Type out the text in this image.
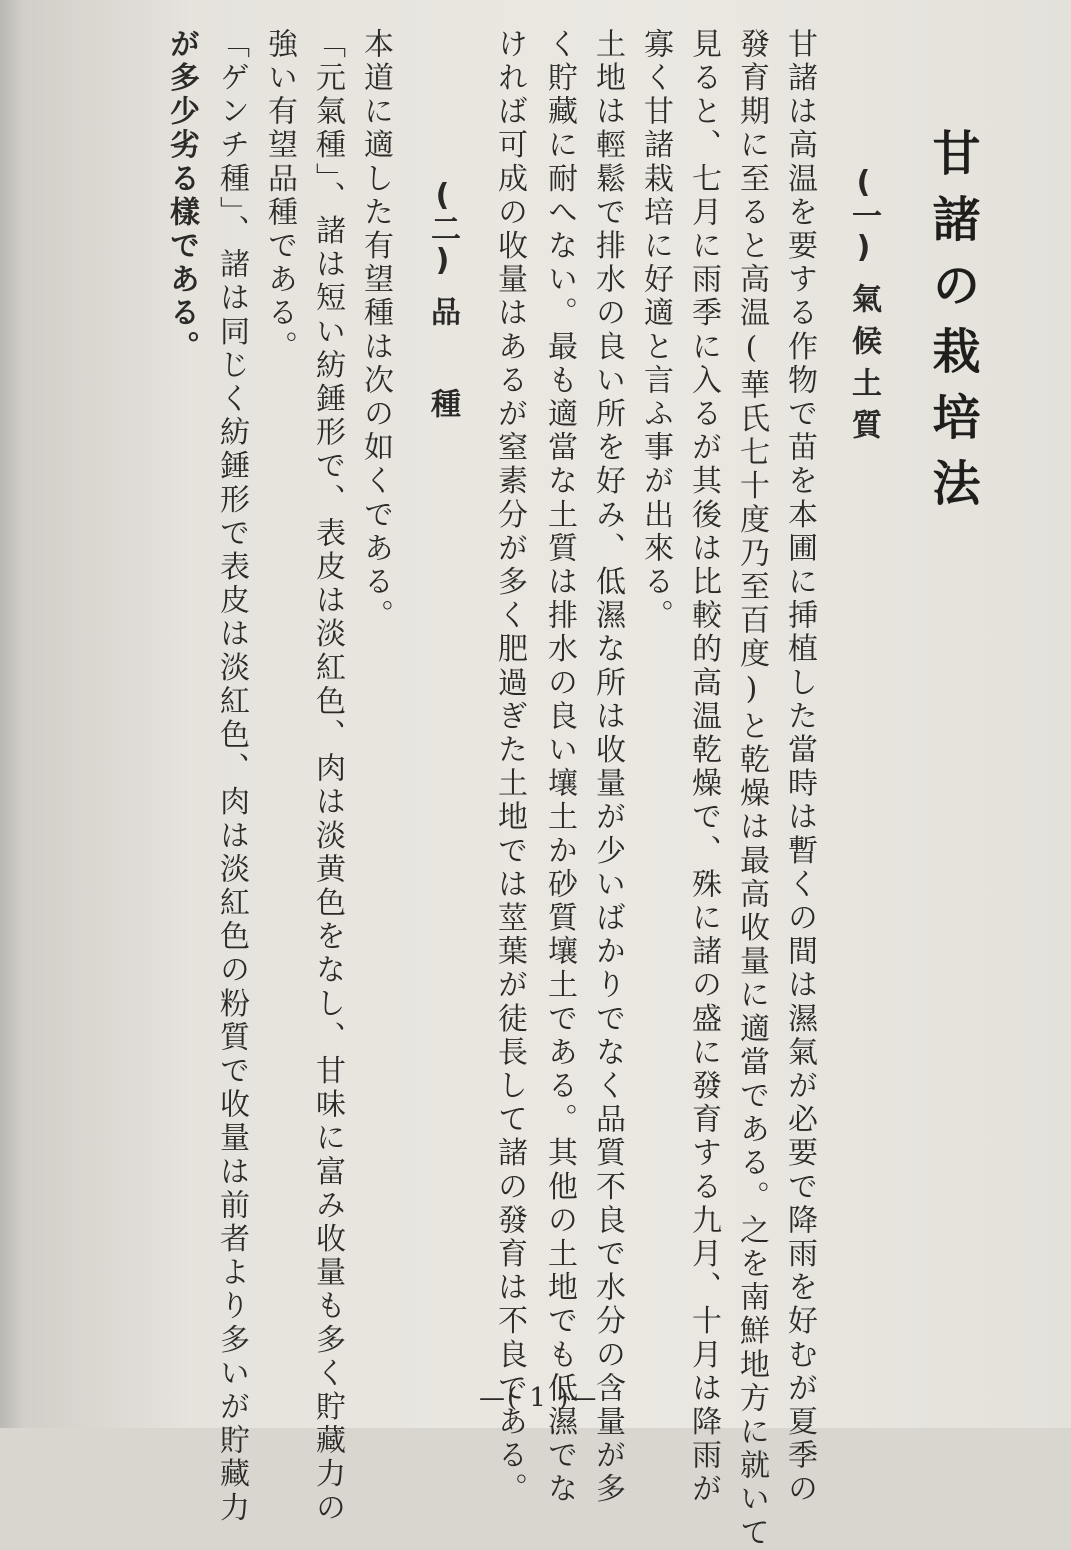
甘諸の栽培法
(一)氣候土質
甘諸は高温を要する作物で苗を本圃に挿植した當時は暫くの間は濕氣が必要で降雨を好むが夏季の
發育期に至ると高温(華氏七十度乃至百度)と乾燥は最高收量に適當である。之を南鮮地方に就いて
見ると、七月に雨季に入るが其後は比較的高温乾燥で、殊に諸の盛に發育する九月、十月は降雨が
寡く甘諸栽培に好適と言ふ事が出來る。
土地は輕鬆で排水の良い所を好み、低濕な所は收量が少いばかりでなく品質不良で水分の含量が多
く貯藏に耐へない。最も適當な土質は排水の良い壤土か砂質壤土である。其他の土地でも低濕でな
ければ可成の收量はあるが窒素分が多く肥過ぎた土地では莖葉が徒長して諸の發育は不良である。
(二)品種
本道に適した有望種は次の如くである。
「元氣種」、諸は短い紡錘形で、表皮は淡紅色、肉は淡黄色をなし、甘味に富み收量も多く貯藏力の
強い有望品種である。
「ゲンチ種」、諸は同じく紡錘形で表皮は淡紅色、肉は淡紅色の粉質で收量は前者より多いが貯藏力
が多少劣る樣である。
—( 1 )—
